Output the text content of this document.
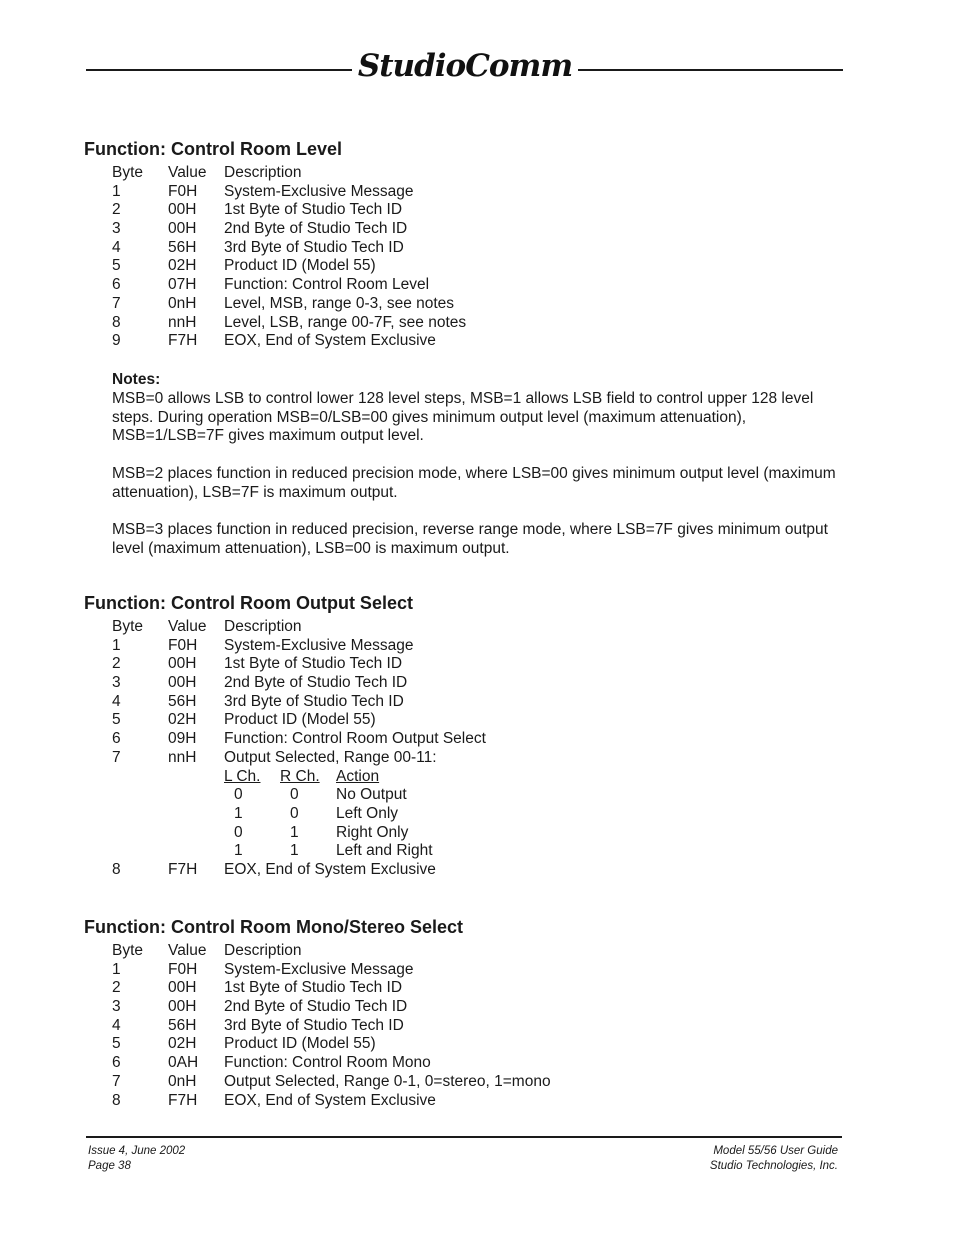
StudioComm
Function: Control Room Level
Byte Value Description
1	F0H System-Exclusive Message
2	00H 1st Byte of Studio Tech ID
3	00H 2nd Byte of Studio Tech ID
4	56H 3rd Byte of Studio Tech ID
5	02H Product ID (Model 55)
6	07H Function: Control Room Level
7	0nH Level, MSB, range 0-3, see notes
8	nnH Level, LSB, range 00-7F, see notes
9	F7H EOX, End of System Exclusive
Notes:

MSB=0 allows LSB to control lower 128 level steps, MSB=1 allows LSB field to control upper 128 level steps. During operation MSB=0/LSB=00 gives minimum output level (maximum attenuation), MSB=1/LSB=7F gives maximum output level.

MSB=2 places function in reduced precision mode, where LSB=00 gives minimum output level (maximum attenuation), LSB=7F is maximum output.

MSB=3 places function in reduced precision, reverse range mode, where LSB=7F gives minimum output level (maximum attenuation), LSB=00 is maximum output.

Function: Control Room Output Select
Byte Value Description
1	F0H System-Exclusive Message
2	00H 1st Byte of Studio Tech ID
3	00H 2nd Byte of Studio Tech ID
4	56H 3rd Byte of Studio Tech ID
5	02H Product ID (Model 55)
6	09H Function: Control Room Output Select
7	nnH Output Selected, Range 00-11:
L Ch. R Ch. Action
0	0 No Output
1	0 Left Only
0	1 Right Only
1	1 Left and Right
8	F7H EOX, End of System Exclusive
Function: Control Room Mono/Stereo Select
Byte Value Description
1	F0H System-Exclusive Message
2	00H 1st Byte of Studio Tech ID
3	00H 2nd Byte of Studio Tech ID
4	56H 3rd Byte of Studio Tech ID
5	02H Product ID (Model 55)
6	0AH Function: Control Room Mono
7	0nH Output Selected, Range 0-1, 0=stereo, 1=mono
8	F7H EOX, End of System Exclusive
Issue 4, June 2002
Page 38
Model 55/56 User Guide
Studio Technologies, Inc.
